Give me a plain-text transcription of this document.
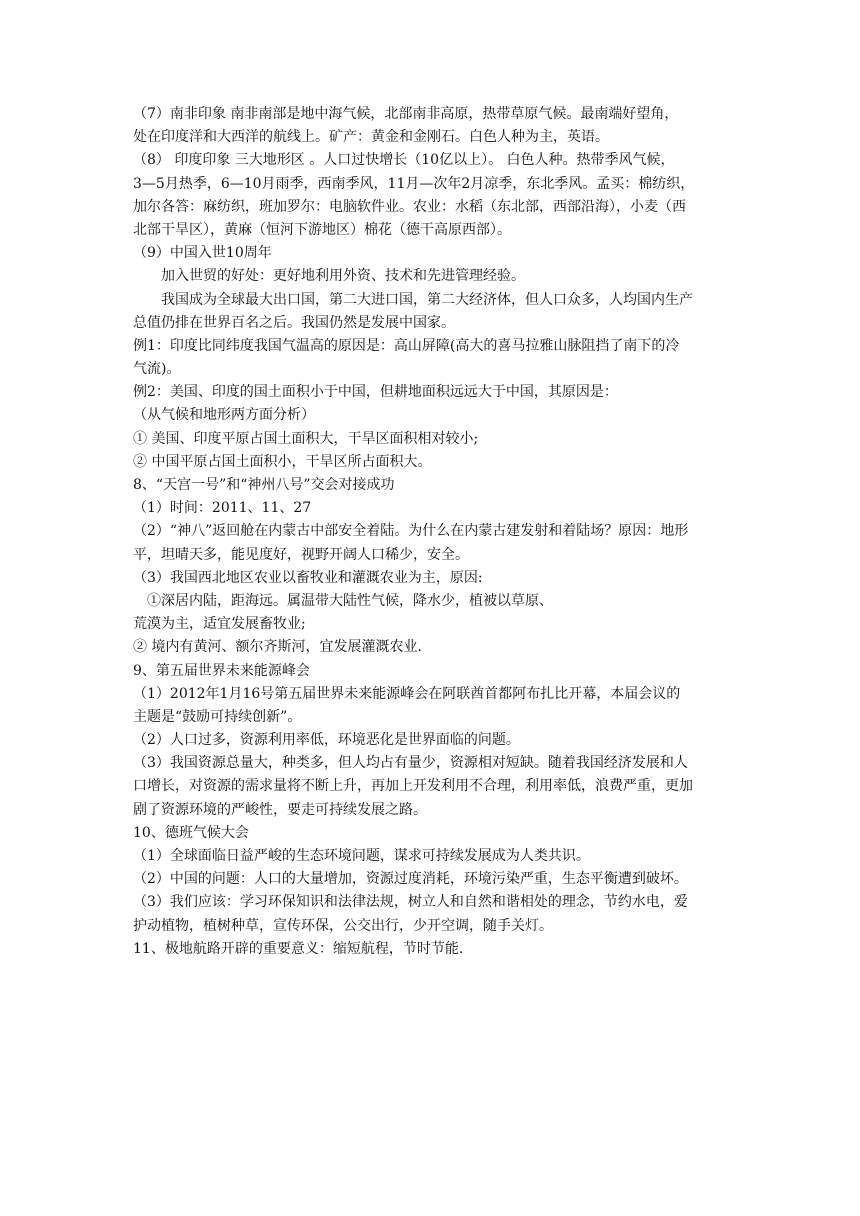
（7）南非印象 南非南部是地中海气候，北部南非高原，热带草原气候。最南端好望角，
处在印度洋和大西洋的航线上。矿产：黄金和金刚石。白色人种为主，英语。
（8） 印度印象 三大地形区 。人口过快增长（10亿以上）。 白色人种。热带季风气候，
3—5月热季，6—10月雨季，西南季风，11月—次年2月凉季，东北季风。孟买：棉纺织，
加尔各答：麻纺织，班加罗尔：电脑软件业。农业：水稻（东北部，西部沿海），小麦（西
北部干旱区），黄麻（恒河下游地区）棉花（德干高原西部）。
（9）中国入世10周年
加入世贸的好处：更好地利用外资、技术和先进管理经验。
我国成为全球最大出口国，第二大进口国，第二大经济体，但人口众多，人均国内生产
总值仍排在世界百名之后。我国仍然是发展中国家。
例1：印度比同纬度我国气温高的原因是：高山屏障(高大的喜马拉雅山脉阻挡了南下的冷
气流)。
例2：美国、印度的国土面积小于中国，但耕地面积远远大于中国，其原因是：
（从气候和地形两方面分析）
① 美国、印度平原占国土面积大，干旱区面积相对较小;
② 中国平原占国土面积小，干旱区所占面积大。
8、“天宫一号”和“神州八号”交会对接成功
（1）时间：2011、11、27
（2）“神八”返回舱在内蒙古中部安全着陆。为什么在内蒙古建发射和着陆场？原因：地形
平，坦晴天多，能见度好，视野开阔人口稀少，安全。
（3）我国西北地区农业以畜牧业和灌溉农业为主，原因:
①深居内陆，距海远。属温带大陆性气候，降水少，植被以草原、
荒漠为主，适宜发展畜牧业;
② 境内有黄河、额尔齐斯河，宜发展灌溉农业.
9、第五届世界未来能源峰会
（1）2012年1月16号第五届世界未来能源峰会在阿联酋首都阿布扎比开幕，本届会议的
主题是“鼓励可持续创新”。
（2）人口过多，资源利用率低，环境恶化是世界面临的问题。
（3）我国资源总量大，种类多，但人均占有量少，资源相对短缺。随着我国经济发展和人
口增长，对资源的需求量将不断上升，再加上开发利用不合理，利用率低，浪费严重，更加
剧了资源环境的严峻性，要走可持续发展之路。
10、德班气候大会
（1）全球面临日益严峻的生态环境问题，谋求可持续发展成为人类共识。
（2）中国的问题：人口的大量增加，资源过度消耗，环境污染严重，生态平衡遭到破坏。
（3）我们应该：学习环保知识和法律法规，树立人和自然和谐相处的理念，节约水电，爱
护动植物，植树种草，宣传环保，公交出行，少开空调，随手关灯。
11、极地航路开辟的重要意义：缩短航程，节时节能.
